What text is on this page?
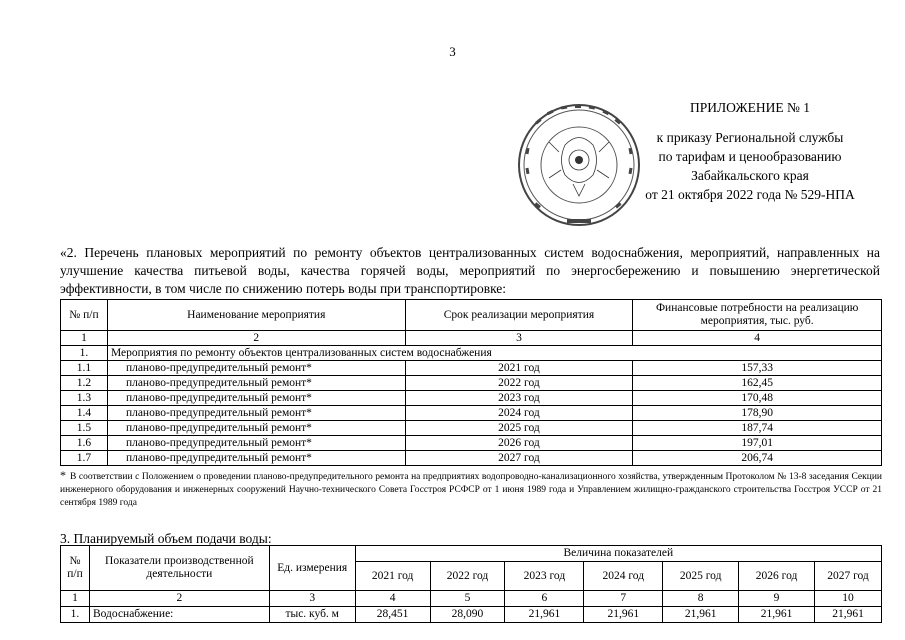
3
ПРИЛОЖЕНИЕ № 1
к приказу Региональной службы
по тарифам и ценообразованию
Забайкальского края
от 21 октября 2022 года № 529-НПА
«2. Перечень плановых мероприятий по ремонту объектов централизованных систем водоснабжения, мероприятий, направленных на улучшение качества питьевой воды, качества горячей воды, мероприятий по энергосбережению и повышению энергетической эффективности, в том числе по снижению потерь воды при транспортировке:
№ п/п	Наименование мероприятия	Срок реализации мероприятия	Финансовые потребности на реализацию мероприятия, тыс. руб.
1	2	3	4
1.	Мероприятия по ремонту объектов централизованных систем водоснабжения		
1.1	планово-предупредительный ремонт*	2021 год	157,33
1.2	планово-предупредительный ремонт*	2022 год	162,45
1.3	планово-предупредительный ремонт*	2023 год	170,48
1.4	планово-предупредительный ремонт*	2024 год	178,90
1.5	планово-предупредительный ремонт*	2025 год	187,74
1.6	планово-предупредительный ремонт*	2026 год	197,01
1.7	планово-предупредительный ремонт*	2027 год	206,74
* В соответствии с Положением о проведении планово-предупредительного ремонта на предприятиях водопроводно-канализационного хозяйства, утвержденным Протоколом № 13-8 заседания Секции инженерного оборудования и инженерных сооружений Научно-технического Совета Госстроя РСФСР от 1 июня 1989 года и Управлением жилищно-гражданского строительства Госстроя УССР от 21 сентября 1989 года
3. Планируемый объем подачи воды:
№ п/п	Показатели производственной деятельности	Ед. измерения	Величина показателей						
			2021 год	2022 год	2023 год	2024 год	2025 год	2026 год	2027 год
1	2	3	4	5	6	7	8	9	10
1.	Водоснабжение:	тыс. куб. м	28,451	28,090	21,961	21,961	21,961	21,961	21,961
